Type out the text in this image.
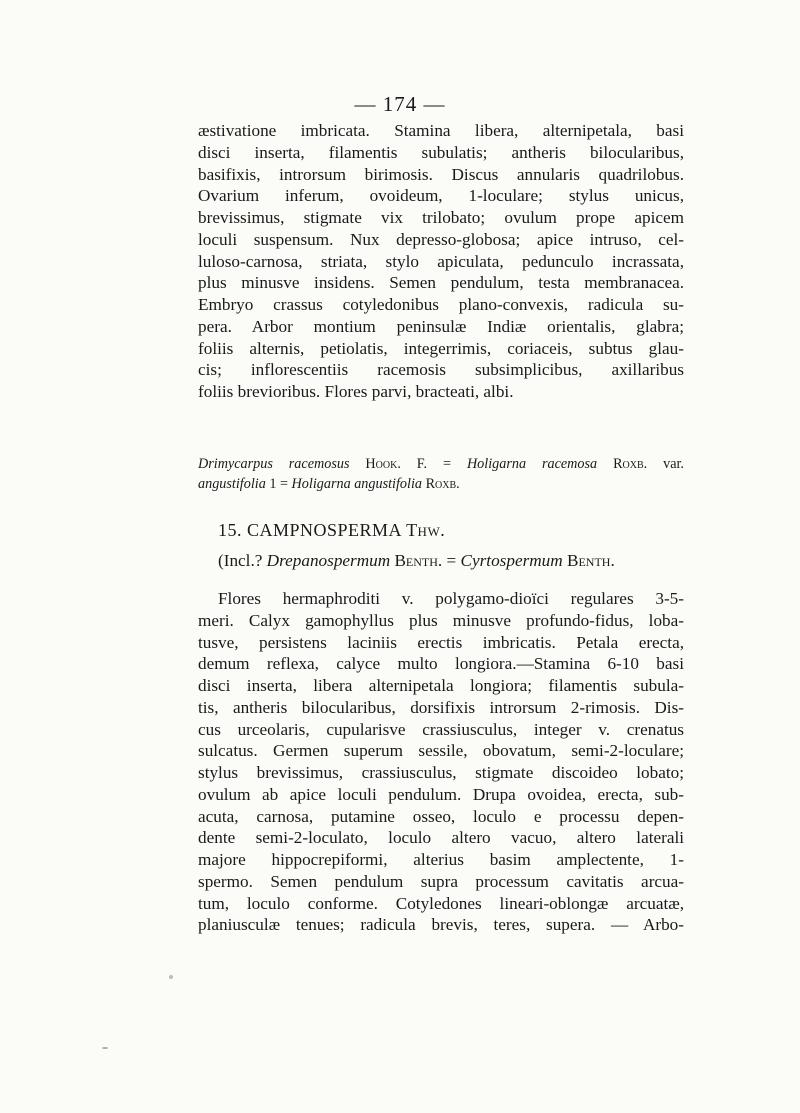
— 174 —
æstivatione imbricata. Stamina libera, alternipetala, basi
disci inserta, filamentis subulatis; antheris bilocularibus,
basifixis, introrsum birimosis. Discus annularis quadrilobus.
Ovarium inferum, ovoideum, 1-loculare; stylus unicus,
brevissimus, stigmate vix trilobato; ovulum prope apicem
loculi suspensum. Nux depresso-globosa; apice intruso, cel-
luloso-carnosa, striata, stylo apiculata, pedunculo incrassata,
plus minusve insidens. Semen pendulum, testa membranacea.
Embryo crassus cotyledonibus plano-convexis, radicula su-
pera. Arbor montium peninsulæ Indiæ orientalis, glabra;
foliis alternis, petiolatis, integerrimis, coriaceis, subtus glau-
cis; inflorescentiis racemosis subsimplicibus, axillaribus
foliis brevioribus. Flores parvi, bracteati, albi.
Drimycarpus racemosus Hook. F. = Holigarna racemosa Roxb. var.
angustifolia 1 = Holigarna angustifolia Roxb.
15. CAMPNOSPERMA Thw.
(Incl.? Drepanospermum Benth. = Cyrtospermum Benth.
Flores hermaphroditi v. polygamo-dioïci regulares 3-5-
meri. Calyx gamophyllus plus minusve profundo-fidus, loba-
tusve, persistens laciniis erectis imbricatis. Petala erecta,
demum reflexa, calyce multo longiora.—Stamina 6-10 basi
disci inserta, libera alternipetala longiora; filamentis subula-
tis, antheris bilocularibus, dorsifixis introrsum 2-rimosis. Dis-
cus urceolaris, cupularisve crassiusculus, integer v. crenatus
sulcatus. Germen superum sessile, obovatum, semi-2-loculare;
stylus brevissimus, crassiusculus, stigmate discoideo lobato;
ovulum ab apice loculi pendulum. Drupa ovoidea, erecta, sub-
acuta, carnosa, putamine osseo, loculo e processu depen-
dente semi-2-loculato, loculo altero vacuo, altero laterali
majore hippocrepiformi, alterius basim amplectente, 1-
spermo. Semen pendulum supra processum cavitatis arcua-
tum, loculo conforme. Cotyledones lineari-oblongæ arcuatæ,
planiusculæ tenues; radicula brevis, teres, supera. — Arbo-
